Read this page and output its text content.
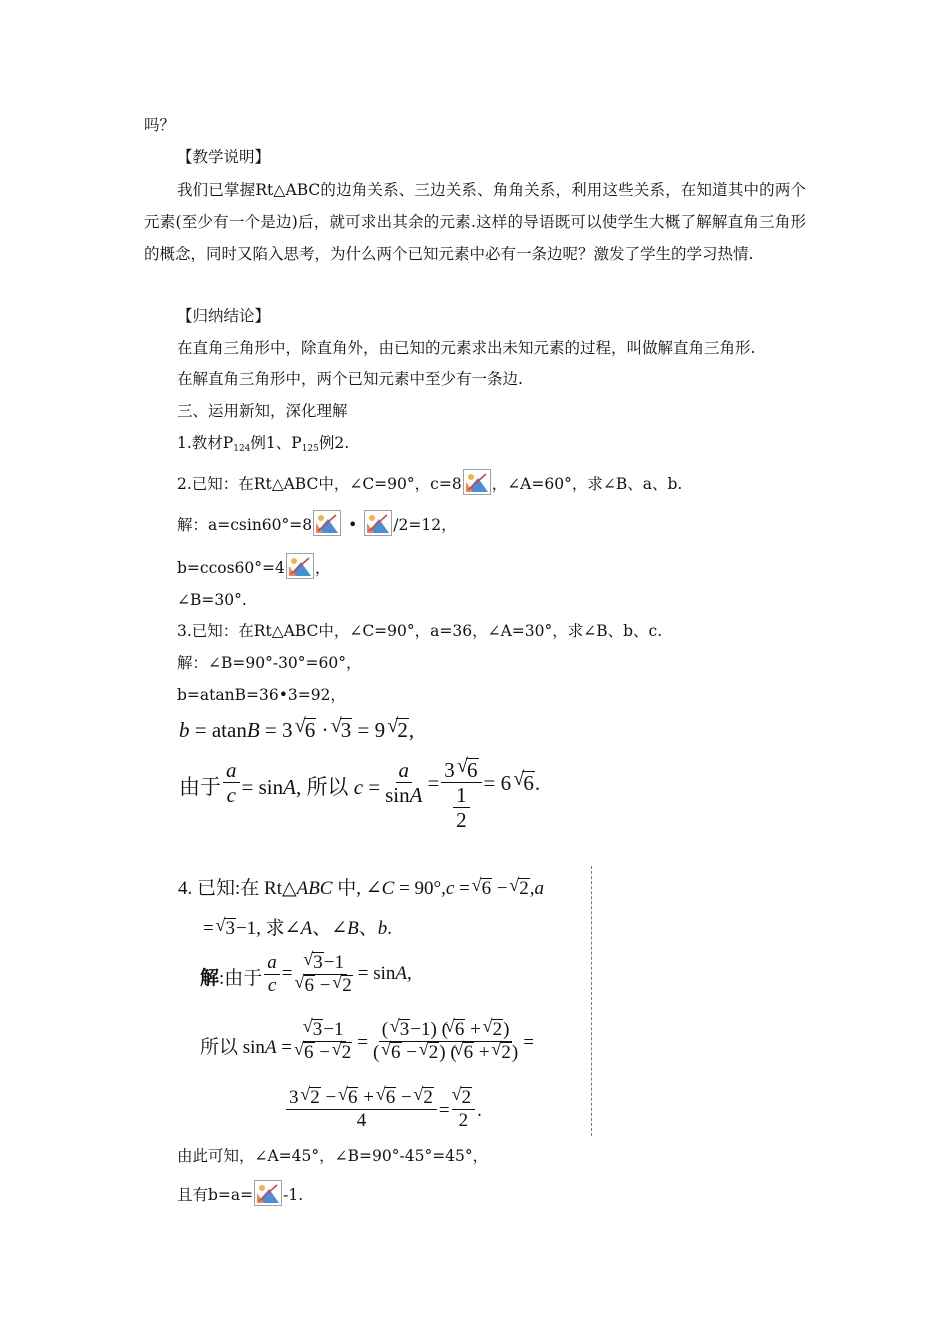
吗？
【教学说明】
我们已掌握Rt△ABC的边角关系、三边关系、角角关系，利用这些关系，在知道其中的两个元素(至少有一个是边)后，就可求出其余的元素.这样的导语既可以使学生大概了解解直角三角形的概念，同时又陷入思考，为什么两个已知元素中必有一条边呢？激发了学生的学习热情.
【归纳结论】
在直角三角形中，除直角外，由已知的元素求出未知元素的过程，叫做解直角三角形.
在解直角三角形中，两个已知元素中至少有一条边.
三、运用新知，深化理解
1.教材$P_{124}$例1、$P_{125}$例2.
2.已知：在Rt△ABC中，∠C=90°，c=8 ，∠A=60°，求∠B、a、b.
解：a=csin60°=8 • /2=12，
b=ccos60°=4 ，
∠B=30°.
3.已知：在Rt△ABC中，∠C=90°，a=36，∠A=30°，求∠B、b、c.
解：∠B=90°-30°=60°，
b=atanB=36•3=92，
b = atanB = 3 √ 6 · √ 3 = 9 √ 2,
由于 $\frac{a}{c} = \sin A$, 所以 $c = \frac{a}{\sin A} = \frac{3 √ 6}{\frac{1}{2}} = 6$ √ 6.
4. 已知:在 Rt△ABC 中, ∠C = 90°,c = √ 6 − √ 2,a
= √ 3−1, 求∠A、∠B、b.
解 :由于 $\frac{a}{c}$ = √ 3−1
√ 6 − √ 2 = sinA,
所以 sinA = √ 3−1
√ 6 − √ $2 = \frac{( √ 3-1) ( √ 6 + √ 2)}{( √ 6 - √ 2) ( √ 6 + √ 2)}$ =
$\frac{3 √ 2 - √ 6 + √ 6 - √ 2}{4}$ = √ $\frac{2}{2}$ .
由此可知，∠A=45°，∠B=90°-45°=45°，
且有b=a= -1.
